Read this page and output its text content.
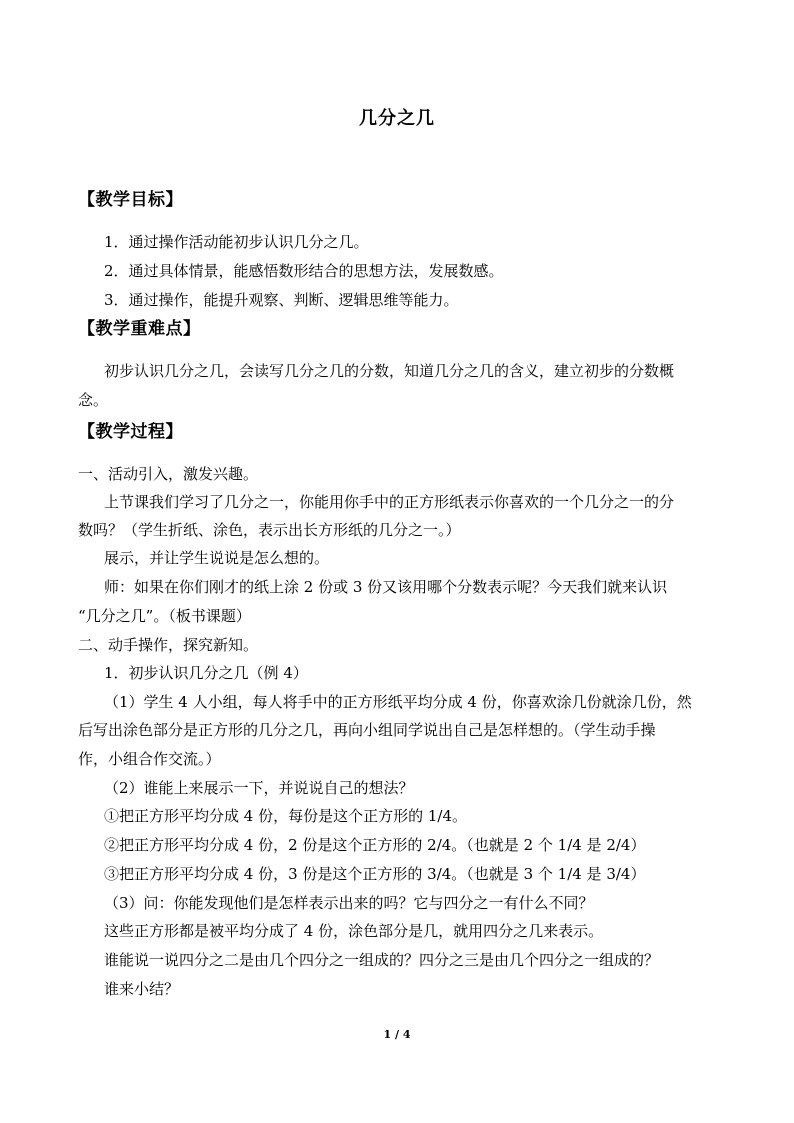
几分之几
【教学目标】
1．通过操作活动能初步认识几分之几。
2．通过具体情景，能感悟数形结合的思想方法，发展数感。
3．通过操作，能提升观察、判断、逻辑思维等能力。
【教学重难点】
初步认识几分之几，会读写几分之几的分数，知道几分之几的含义，建立初步的分数概
念。
【教学过程】
一、活动引入，激发兴趣。
上节课我们学习了几分之一，你能用你手中的正方形纸表示你喜欢的一个几分之一的分
数吗？（学生折纸、涂色，表示出长方形纸的几分之一。）
展示，并让学生说说是怎么想的。
师：如果在你们刚才的纸上涂 2 份或 3 份又该用哪个分数表示呢？今天我们就来认识
“几分之几”。（板书课题）
二、动手操作，探究新知。
1．初步认识几分之几（例 4）
（1）学生 4 人小组，每人将手中的正方形纸平均分成 4 份，你喜欢涂几份就涂几份，然
后写出涂色部分是正方形的几分之几，再向小组同学说出自己是怎样想的。（学生动手操
作，小组合作交流。）
（2）谁能上来展示一下，并说说自己的想法？
①把正方形平均分成 4 份，每份是这个正方形的 1/4。
②把正方形平均分成 4 份，2 份是这个正方形的 2/4。（也就是 2 个 1/4 是 2/4）
③把正方形平均分成 4 份，3 份是这个正方形的 3/4。（也就是 3 个 1/4 是 3/4）
（3）问：你能发现他们是怎样表示出来的吗？它与四分之一有什么不同？
这些正方形都是被平均分成了 4 份，涂色部分是几，就用四分之几来表示。
谁能说一说四分之二是由几个四分之一组成的？四分之三是由几个四分之一组成的？
谁来小结？
1 / 4
